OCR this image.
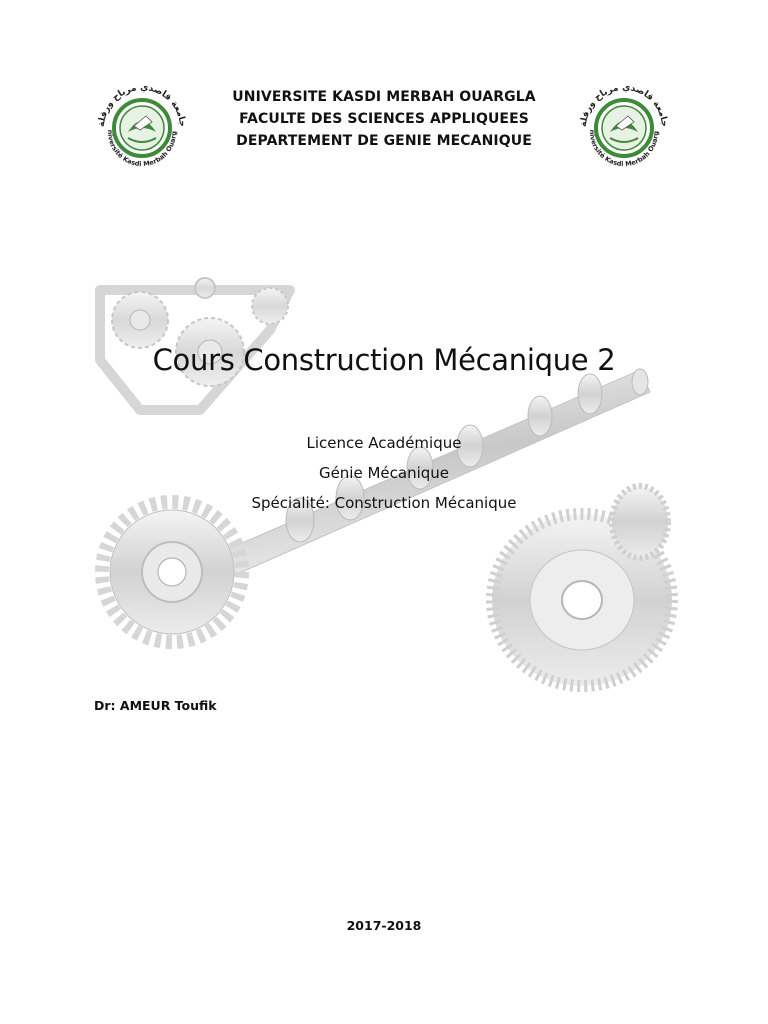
جامعة قاصدي مرباح ورقلة
niversité Kasdi Merbah Ouarg
UNIVERSITE KASDI MERBAH OUARGLA
FACULTE DES SCIENCES APPLIQUEES
DEPARTEMENT DE GENIE MECANIQUE
جامعة قاصدي مرباح ورقلة
niversité Kasdi Merbah Ouarg
Cours Construction Mécanique 2
Licence Académique
Génie Mécanique
Spécialité: Construction Mécanique
Dr: AMEUR Toufik
2017-2018
